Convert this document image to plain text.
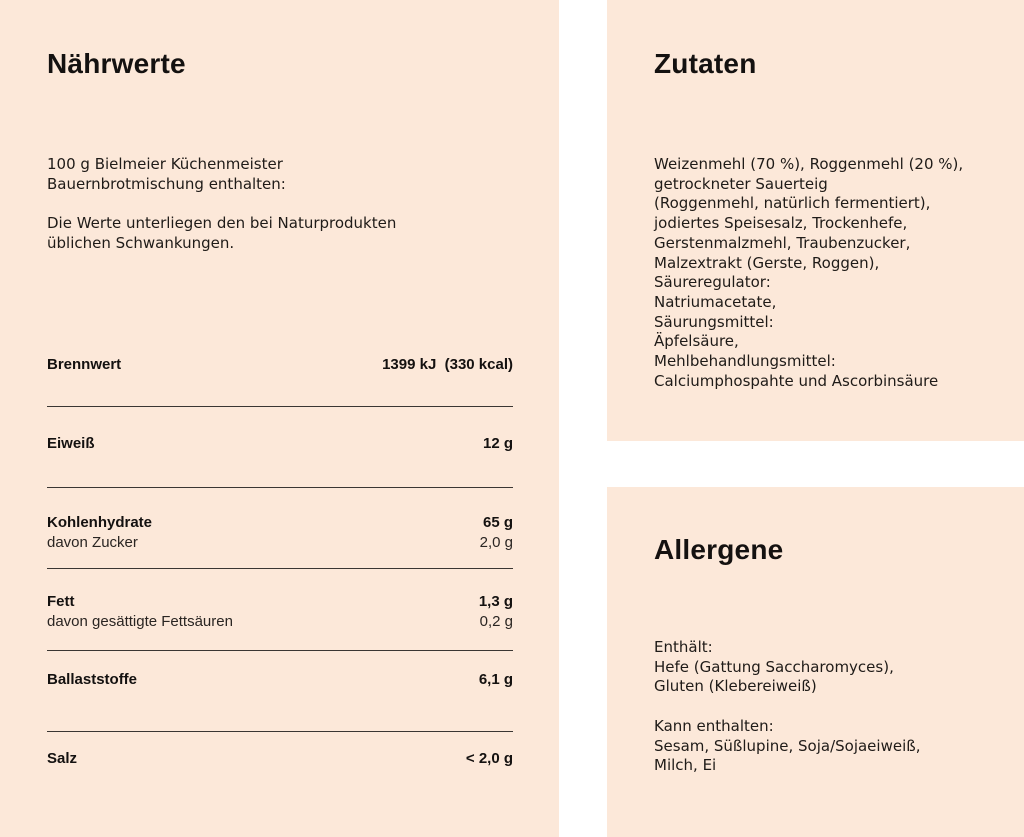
Nährwerte

100 g Bielmeier Küchenmeister
Bauernbrotmischung enthalten:

Die Werte unterliegen den bei Naturprodukten
üblichen Schwankungen.

Brennwert	1399 kJ  (330 kcal)
Eiweiß	12 g
Kohlenhydrate	65 g
davon Zucker	2,0 g
Fett	1,3 g
davon gesättigte Fettsäuren	0,2 g
Ballaststoffe	6,1 g
Salz	< 2,0 g
Zutaten

Weizenmehl (70 %), Roggenmehl (20 %),
getrockneter Sauerteig
(Roggenmehl, natürlich fermentiert),
jodiertes Speisesalz, Trockenhefe,
Gerstenmalzmehl, Traubenzucker,
Malzextrakt (Gerste, Roggen),
Säureregulator:
Natriumacetate,
Säurungsmittel:
Äpfelsäure,
Mehlbehandlungsmittel:
Calciumphospahte und Ascorbinsäure

Allergene

Enthält:
Hefe (Gattung Saccharomyces),
Gluten (Klebereiweiß)

Kann enthalten:
Sesam, Süßlupine, Soja/Sojaeiweiß,
Milch, Ei
